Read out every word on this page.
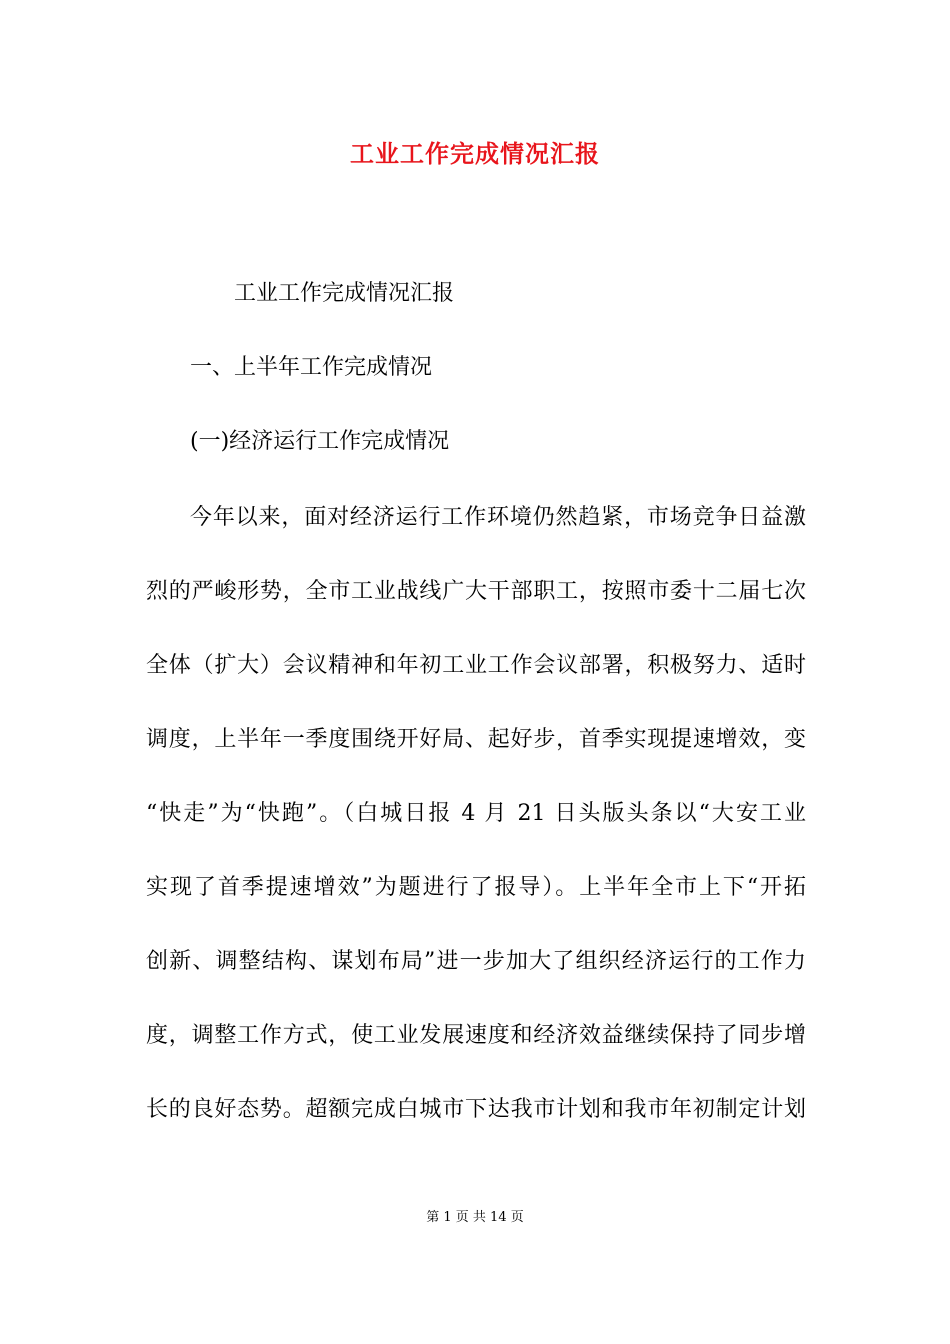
工业工作完成情况汇报
工业工作完成情况汇报
一、上半年工作完成情况
(一)经济运行工作完成情况
今年以来，面对经济运行工作环境仍然趋紧，市场竞争日益激
烈的严峻形势，全市工业战线广大干部职工，按照市委十二届七次
全体（扩大）会议精神和年初工业工作会议部署，积极努力、适时
调度，上半年一季度围绕开好局、起好步，首季实现提速增效，变
“快走”为“快跑”。（白城日报 4 月 21 日头版头条以“大安工业
实现了首季提速增效”为题进行了报导）。上半年全市上下“开拓
创新、调整结构、谋划布局”进一步加大了组织经济运行的工作力
度，调整工作方式，使工业发展速度和经济效益继续保持了同步增
长的良好态势。超额完成白城市下达我市计划和我市年初制定计划
第 1 页 共 14 页
